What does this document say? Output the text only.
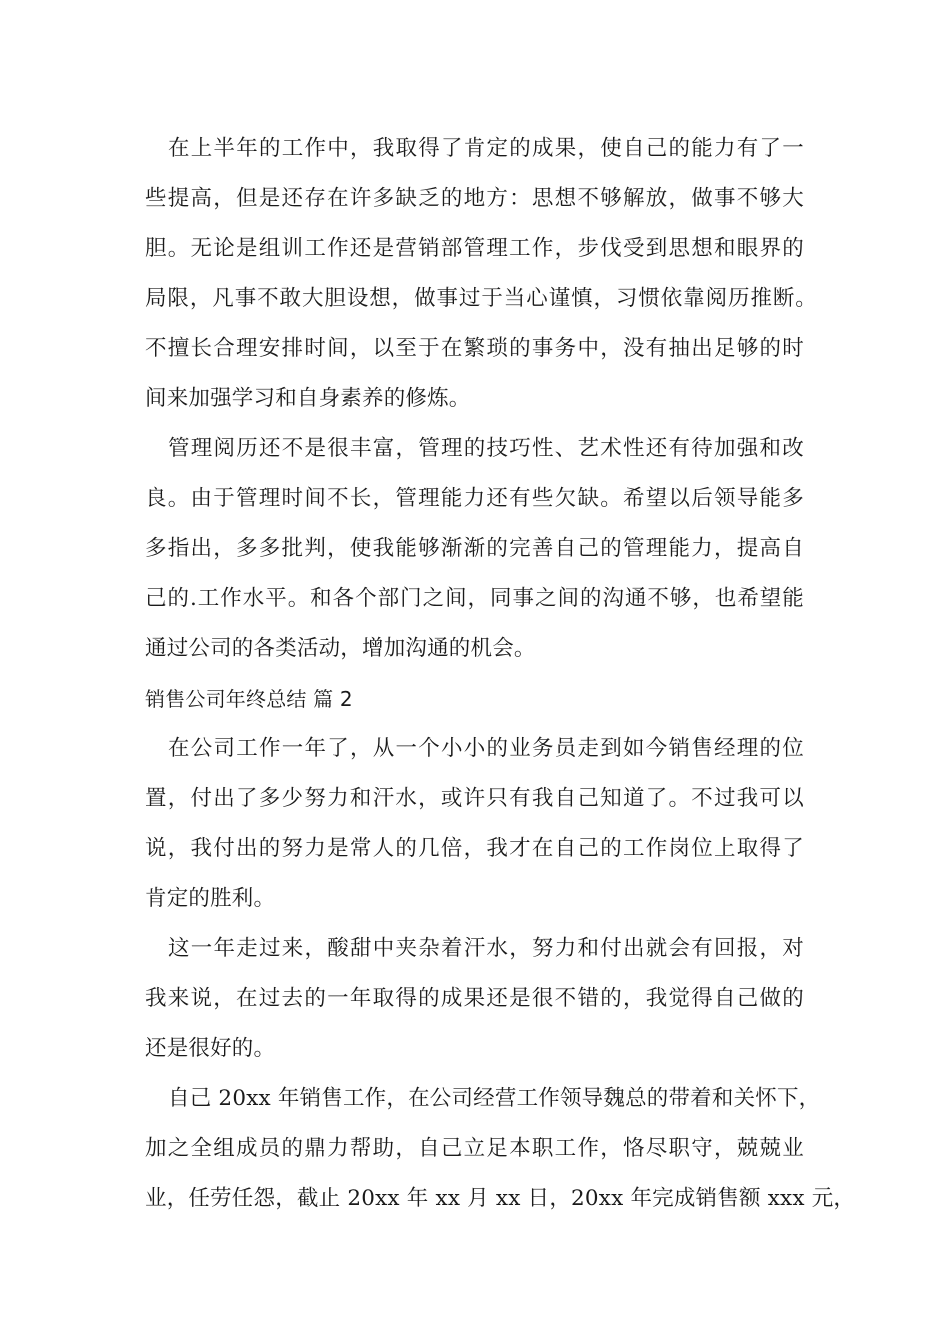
在上半年的工作中，我取得了肯定的成果，使自己的能力有了一
些提高，但是还存在许多缺乏的地方：思想不够解放，做事不够大
胆。无论是组训工作还是营销部管理工作，步伐受到思想和眼界的
局限，凡事不敢大胆设想，做事过于当心谨慎，习惯依靠阅历推断。
不擅长合理安排时间，以至于在繁琐的事务中，没有抽出足够的时
间来加强学习和自身素养的修炼。
管理阅历还不是很丰富，管理的技巧性、艺术性还有待加强和改
良。由于管理时间不长，管理能力还有些欠缺。希望以后领导能多
多指出，多多批判，使我能够渐渐的完善自己的管理能力，提高自
己的.工作水平。和各个部门之间，同事之间的沟通不够，也希望能
通过公司的各类活动，增加沟通的机会。
销售公司年终总结 篇 2
在公司工作一年了，从一个小小的业务员走到如今销售经理的位
置，付出了多少努力和汗水，或许只有我自己知道了。不过我可以
说，我付出的努力是常人的几倍，我才在自己的工作岗位上取得了
肯定的胜利。
这一年走过来，酸甜中夹杂着汗水，努力和付出就会有回报，对
我来说，在过去的一年取得的成果还是很不错的，我觉得自己做的
还是很好的。
自己 20xx 年销售工作，在公司经营工作领导魏总的带着和关怀下，
加之全组成员的鼎力帮助，自己立足本职工作，恪尽职守，兢兢业
业，任劳任怨，截止 20xx 年 xx 月 xx 日，20xx 年完成销售额 xxx 元，
